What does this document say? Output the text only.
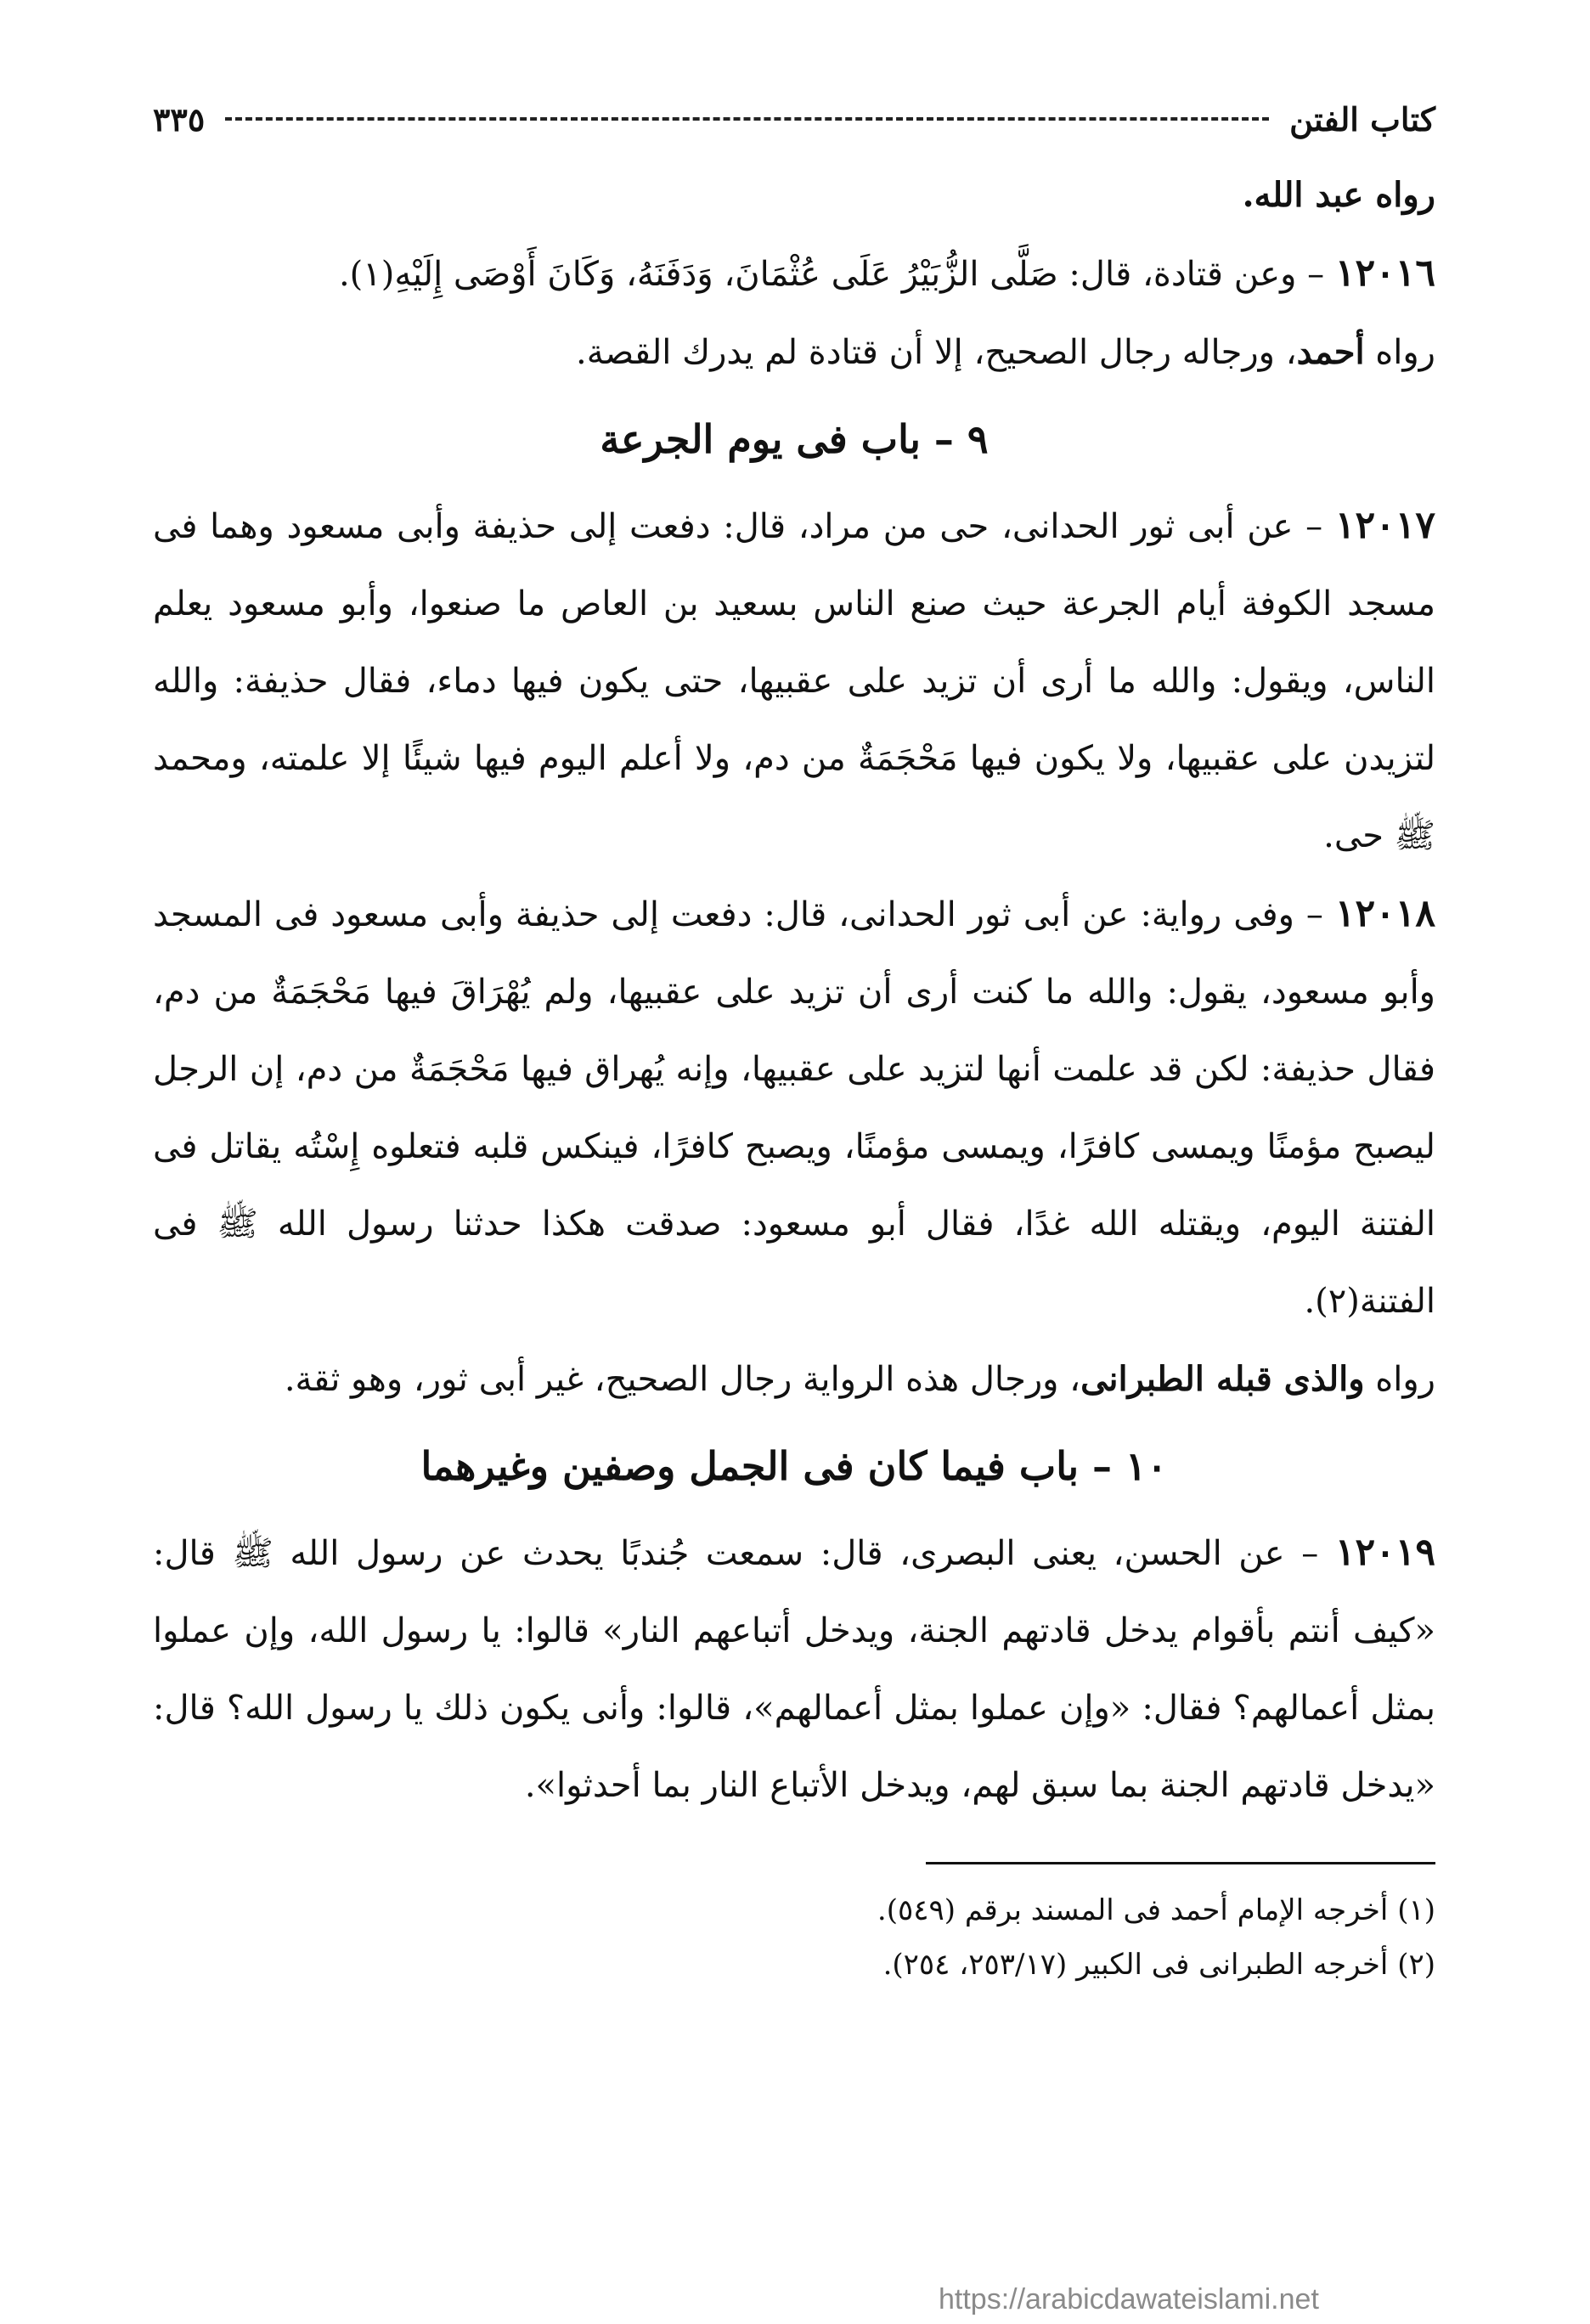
كتاب الفتن
٣٣٥

رواه عبد الله.

١٢٠١٦ – وعن قتادة، قال: صَلَّى الزُّبَيْرُ عَلَى عُثْمَانَ، وَدَفَنَهُ، وَكَانَ أَوْصَى إِلَيْهِ(١).

رواه أحمد، ورجاله رجال الصحيح، إلا أن قتادة لم يدرك القصة.

٩ – باب فى يوم الجرعة

١٢٠١٧ – عن أبى ثور الحدانى، حى من مراد، قال: دفعت إلى حذيفة وأبى مسعود وهما فى مسجد الكوفة أيام الجرعة حيث صنع الناس بسعيد بن العاص ما صنعوا، وأبو مسعود يعلم الناس، ويقول: والله ما أرى أن تزيد على عقبيها، حتى يكون فيها دماء، فقال حذيفة: والله لتزيدن على عقبيها، ولا يكون فيها مَحْجَمَةٌ من دم، ولا أعلم اليوم فيها شيئًا إلا علمته، ومحمد ﷺ حى.

١٢٠١٨ – وفى رواية: عن أبى ثور الحدانى، قال: دفعت إلى حذيفة وأبى مسعود فى المسجد وأبو مسعود، يقول: والله ما كنت أرى أن تزيد على عقبيها، ولم يُهْرَاقَ فيها مَحْجَمَةٌ من دم، فقال حذيفة: لكن قد علمت أنها لتزيد على عقبيها، وإنه يُهراق فيها مَحْجَمَةٌ من دم، إن الرجل ليصبح مؤمنًا ويمسى كافرًا، ويمسى مؤمنًا، ويصبح كافرًا، فينكس قلبه فتعلوه إِسْتُه يقاتل فى الفتنة اليوم، ويقتله الله غدًا، فقال أبو مسعود: صدقت هكذا حدثنا رسول الله ﷺ فى الفتنة(٢).

رواه والذى قبله الطبرانى، ورجال هذه الرواية رجال الصحيح، غير أبى ثور، وهو ثقة.

١٠ – باب فيما كان فى الجمل وصفين وغيرهما

١٢٠١٩ – عن الحسن، يعنى البصرى، قال: سمعت جُندبًا يحدث عن رسول الله ﷺ قال: «كيف أنتم بأقوام يدخل قادتهم الجنة، ويدخل أتباعهم النار» قالوا: يا رسول الله، وإن عملوا بمثل أعمالهم؟ فقال: «وإن عملوا بمثل أعمالهم»، قالوا: وأنى يكون ذلك يا رسول الله؟ قال: «يدخل قادتهم الجنة بما سبق لهم، ويدخل الأتباع النار بما أحدثوا».

(١) أخرجه الإمام أحمد فى المسند برقم (٥٤٩).

(٢) أخرجه الطبرانى فى الكبير (٢٥٣/١٧، ٢٥٤).

https://arabicdawateislami.net
